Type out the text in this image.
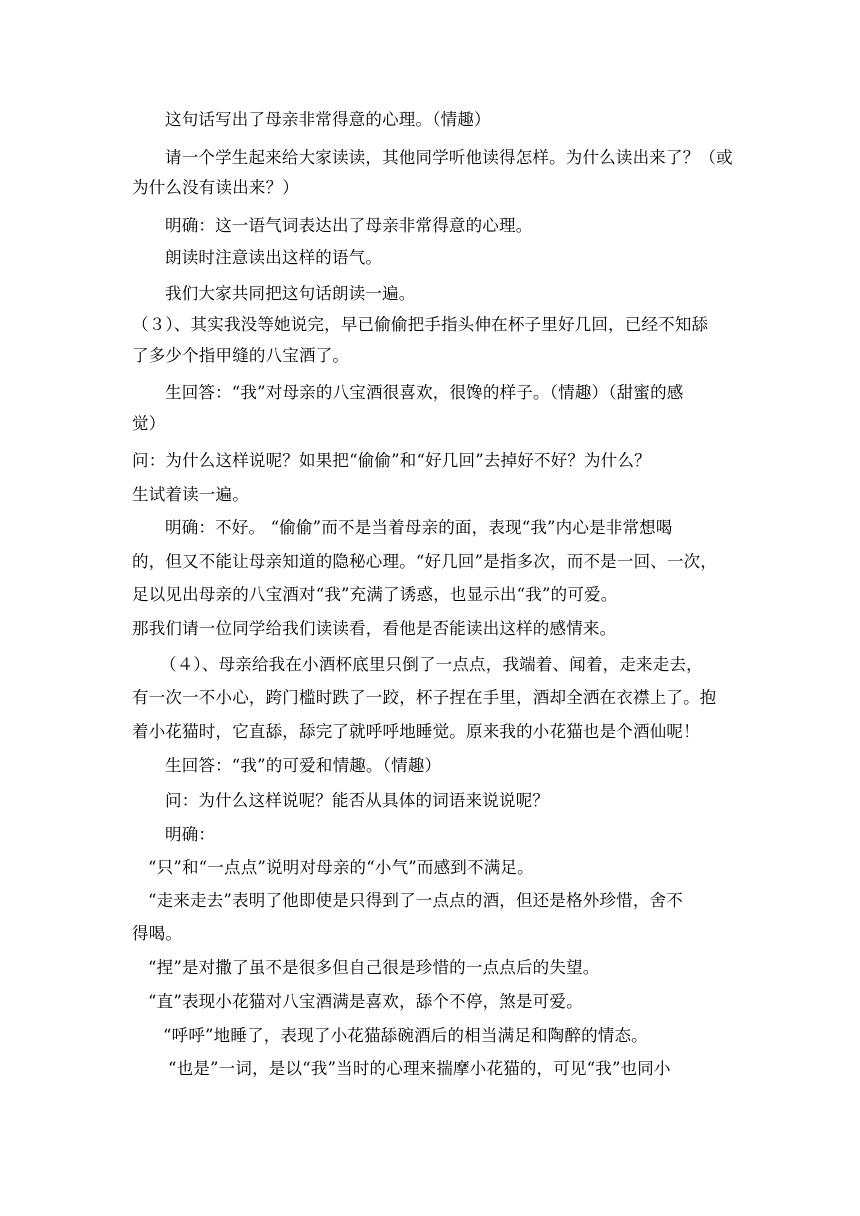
这句话写出了母亲非常得意的心理。（情趣）
请一个学生起来给大家读读，其他同学听他读得怎样。为什么读出来了？（或
为什么没有读出来？）
明确：这一语气词表达出了母亲非常得意的心理。
朗读时注意读出这样的语气。
我们大家共同把这句话朗读一遍。
（３）、其实我没等她说完，早已偷偷把手指头伸在杯子里好几回，已经不知舔
了多少个指甲缝的八宝酒了。
生回答：“我”对母亲的八宝酒很喜欢，很馋的样子。（情趣）（甜蜜的感
觉）
问：为什么这样说呢？如果把“偷偷”和“好几回”去掉好不好？为什么？
生试着读一遍。
明确：不好。 “偷偷”而不是当着母亲的面，表现“我”内心是非常想喝
的，但又不能让母亲知道的隐秘心理。“好几回”是指多次，而不是一回、一次，
足以见出母亲的八宝酒对“我”充满了诱惑，也显示出“我”的可爱。
那我们请一位同学给我们读读看，看他是否能读出这样的感情来。
（４）、母亲给我在小酒杯底里只倒了一点点，我端着、闻着，走来走去，
有一次一不小心，跨门槛时跌了一跤，杯子捏在手里，酒却全洒在衣襟上了。抱
着小花猫时，它直舔，舔完了就呼呼地睡觉。原来我的小花猫也是个酒仙呢！
生回答：“我”的可爱和情趣。（情趣）
问：为什么这样说呢？能否从具体的词语来说说呢？
明确：
“只”和“一点点”说明对母亲的“小气”而感到不满足。
“走来走去”表明了他即使是只得到了一点点的酒，但还是格外珍惜，舍不
得喝。
“捏”是对撒了虽不是很多但自己很是珍惜的一点点后的失望。
“直”表现小花猫对八宝酒满是喜欢，舔个不停，煞是可爱。
“呼呼”地睡了，表现了小花猫舔碗酒后的相当满足和陶醉的情态。
“也是”一词，是以“我”当时的心理来揣摩小花猫的，可见“我”也同小
